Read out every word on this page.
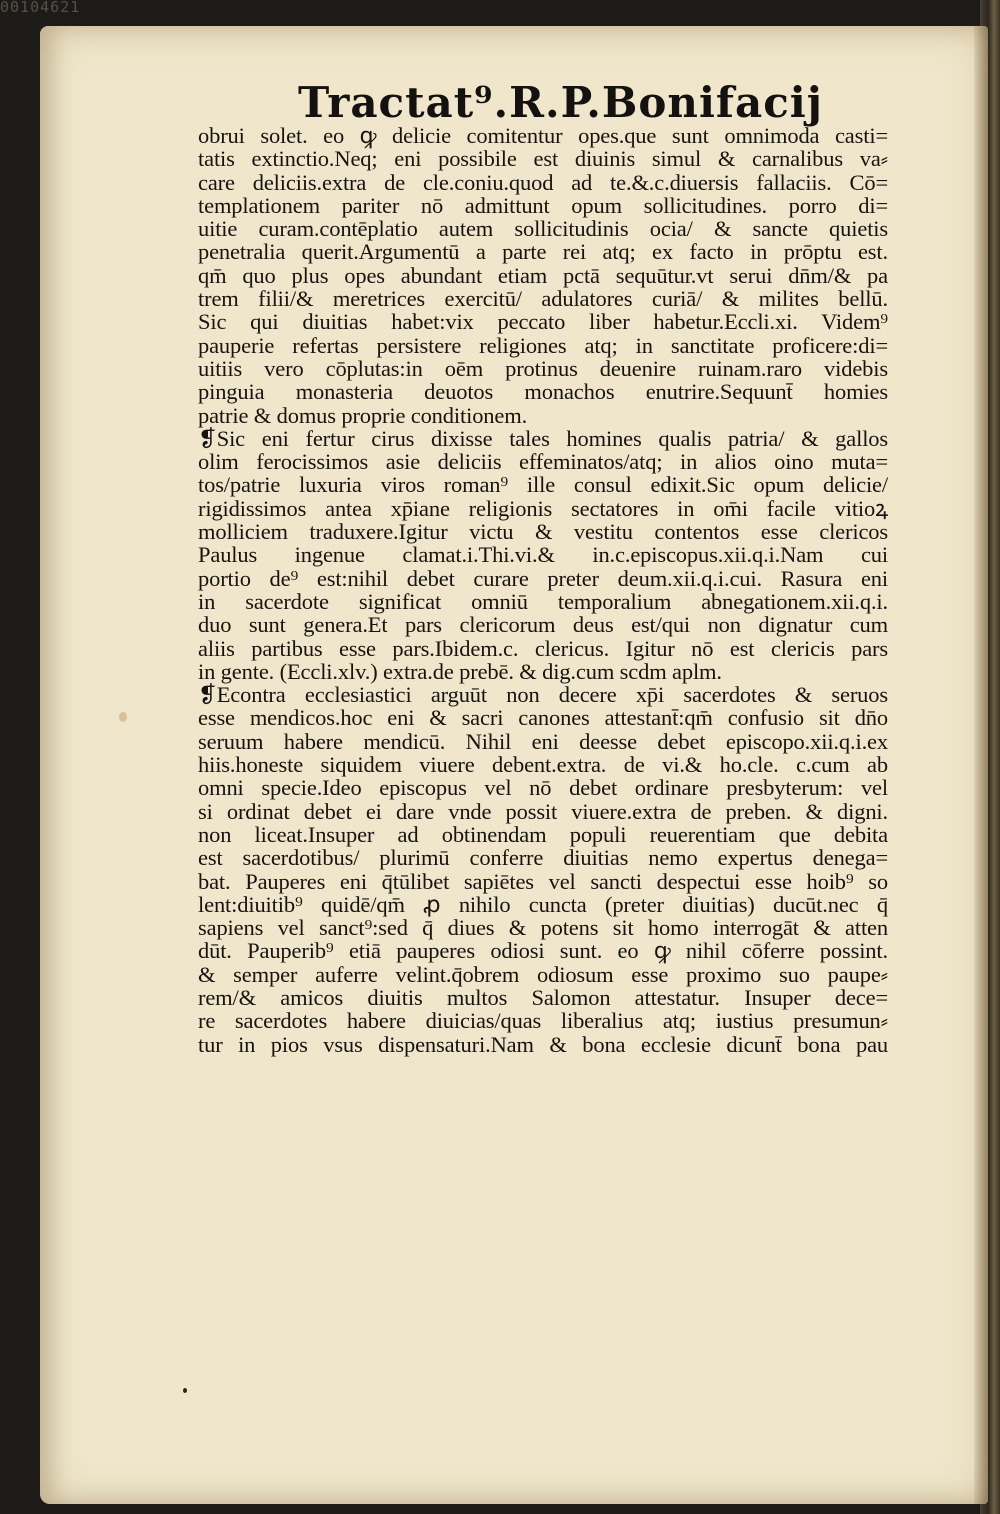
00104621
Tractat⁹.R.P.Bonifacij
obrui solet. eo ꝙ delicie comitentur opes.que sunt omnimoda casti=
tatis extinctio.Neq; eni possibile est diuinis simul & carnalibus va⸗
care deliciis.extra de cle.coniu.quod ad te.&.c.diuersis fallaciis. Cō=
templationem pariter nō admittunt opum sollicitudines. porro di=
uitie curam.contēplatio autem sollicitudinis ocia/ & sancte quietis
penetralia querit.Argumentū a parte rei atq; ex facto in prōptu est.
qm̄ quo plus opes abundant etiam pctā sequūtur.vt serui dn̄m/& pa
trem filii/& meretrices exercitū/ adulatores curiā/ & milites bellū.
Sic qui diuitias habet:vix peccato liber habetur.Eccli.xi. Videm⁹
pauperie refertas persistere religiones atq; in sanctitate proficere:di=
uitiis vero cōplutas:in oēm protinus deuenire ruinam.raro videbis
pinguia monasteria deuotos monachos enutrire.Sequunt̄ homies
patrie & domus proprie conditionem.
❡Sic eni fertur cirus dixisse tales homines qualis patria/ & gallos
olim ferocissimos asie deliciis effeminatos/atq; in alios oino muta=
tos/patrie luxuria viros roman⁹ ille consul edixit.Sic opum delicie/
rigidissimos antea xp̄iane religionis sectatores in om̄i facile vitioꝝ
molliciem traduxere.Igitur victu & vestitu contentos esse clericos
Paulus ingenue clamat.i.Thi.vi.& in.c.episcopus.xii.q.i.Nam cui
portio de⁹ est:nihil debet curare preter deum.xii.q.i.cui. Rasura eni
in sacerdote significat omniū temporalium abnegationem.xii.q.i.
duo sunt genera.Et pars clericorum deus est/qui non dignatur cum
aliis partibus esse pars.Ibidem.c. clericus. Igitur nō est clericis pars
in gente. (Eccli.xlv.) extra.de prebē. & dig.cum scdm aplm.
❡Econtra ecclesiastici arguūt non decere xp̄i sacerdotes & seruos
esse mendicos.hoc eni & sacri canones attestant̄:qm̄ confusio sit dn̄o
seruum habere mendicū. Nihil eni deesse debet episcopo.xii.q.i.ex
hiis.honeste siquidem viuere debent.extra. de vi.& ho.cle. c.cum ab
omni specie.Ideo episcopus vel nō debet ordinare presbyterum: vel
si ordinat debet ei dare vnde possit viuere.extra de preben. & digni.
non liceat.Insuper ad obtinendam populi reuerentiam que debita
est sacerdotibus/ plurimū conferre diuitias nemo expertus denega=
bat. Pauperes eni q̄tūlibet sapiētes vel sancti despectui esse hoib⁹ so
lent:diuitib⁹ quidē/qm̄ ꝓ nihilo cuncta (preter diuitias) ducūt.nec q̄
sapiens vel sanct⁹:sed q̄ diues & potens sit homo interrogāt & atten
dūt. Pauperib⁹ etiā pauperes odiosi sunt. eo ꝙ nihil cōferre possint.
& semper auferre velint.q̄obrem odiosum esse proximo suo paupe⸗
rem/& amicos diuitis multos Salomon attestatur. Insuper dece=
re sacerdotes habere diuicias/quas liberalius atq; iustius presumun⸗
tur in pios vsus dispensaturi.Nam & bona ecclesie dicunt̄ bona pau
